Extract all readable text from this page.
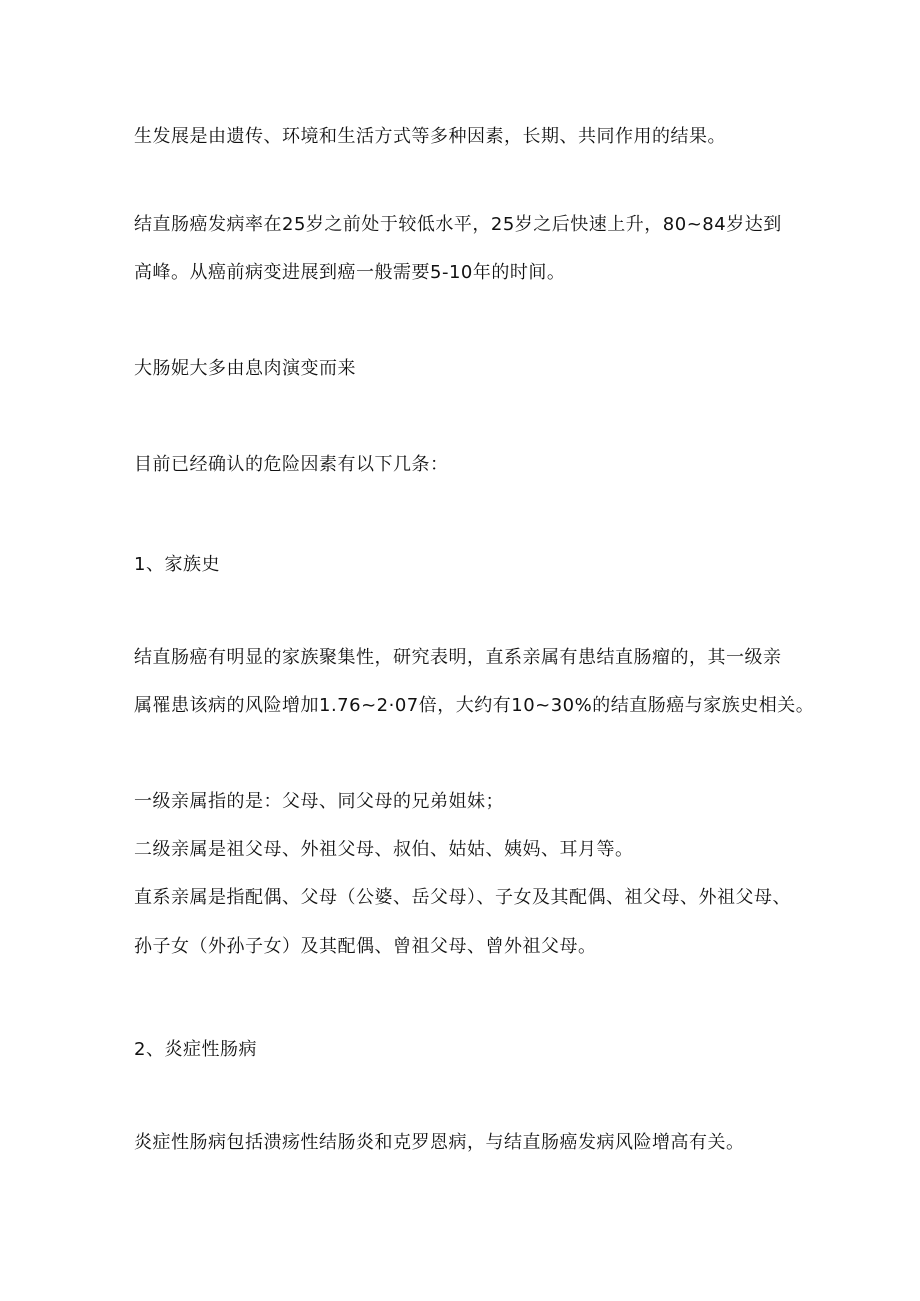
生发展是由遗传、环境和生活方式等多种因素，长期、共同作用的结果。
结直肠癌发病率在25岁之前处于较低水平，25岁之后快速上升，80~84岁达到
高峰。从癌前病变进展到癌一般需要5-10年的时间。
大肠妮大多由息肉演变而来
目前已经确认的危险因素有以下几条：
1、家族史
结直肠癌有明显的家族聚集性，研究表明，直系亲属有患结直肠瘤的，其一级亲
属罹患该病的风险增加1.76~2·07倍，大约有10~30%的结直肠癌与家族史相关。
一级亲属指的是：父母、同父母的兄弟姐妹；
二级亲属是祖父母、外祖父母、叔伯、姑姑、姨妈、耳月等。
直系亲属是指配偶、父母（公婆、岳父母）、子女及其配偶、祖父母、外祖父母、
孙子女（外孙子女）及其配偶、曾祖父母、曾外祖父母。
2、炎症性肠病
炎症性肠病包括溃疡性结肠炎和克罗恩病，与结直肠癌发病风险增高有关。
